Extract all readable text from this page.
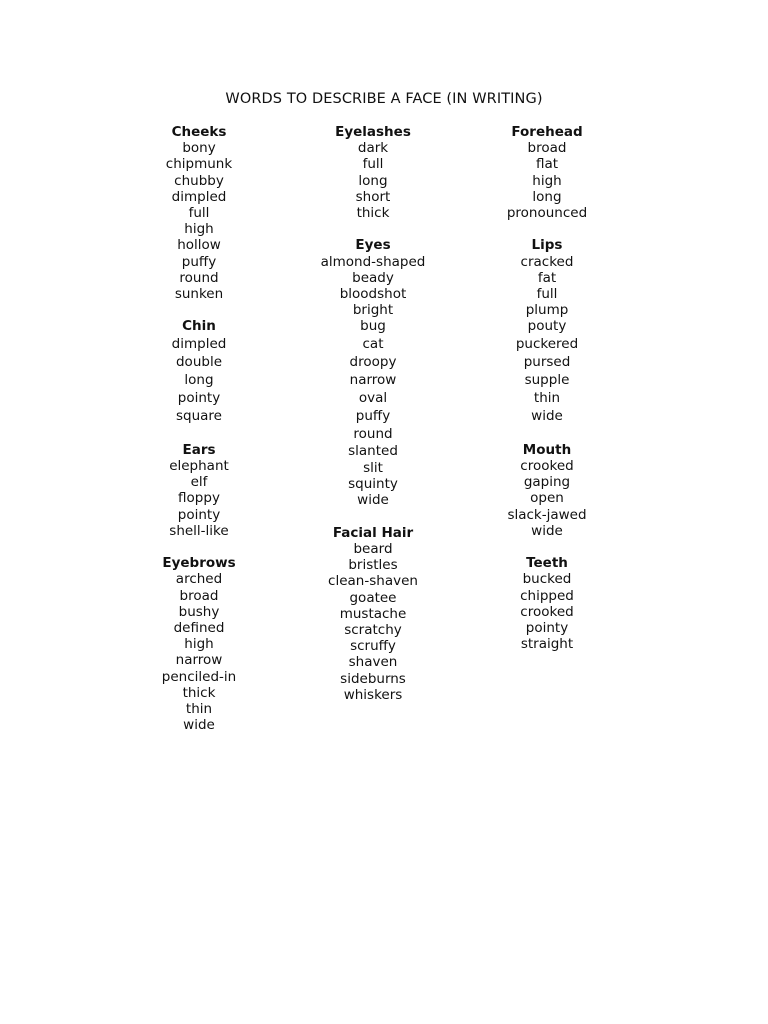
WORDS TO DESCRIBE A FACE (IN WRITING)
Cheeks
bony
chipmunk
chubby
dimpled
full
high
hollow
puffy
round
sunken
Chin
dimpled
double
long
pointy
square
Ears
elephant
elf
floppy
pointy
shell-like
Eyebrows
arched
broad
bushy
defined
high
narrow
penciled-in
thick
thin
wide
Eyelashes
dark
full
long
short
thick
Eyes
almond-shaped
beady
bloodshot
bright
bug
cat
droopy
narrow
oval
puffy
round
slanted
slit
squinty
wide
Facial Hair
beard
bristles
clean-shaven
goatee
mustache
scratchy
scruffy
shaven
sideburns
whiskers
Forehead
broad
flat
high
long
pronounced
Lips
cracked
fat
full
plump
pouty
puckered
pursed
supple
thin
wide
Mouth
crooked
gaping
open
slack-jawed
wide
Teeth
bucked
chipped
crooked
pointy
straight
